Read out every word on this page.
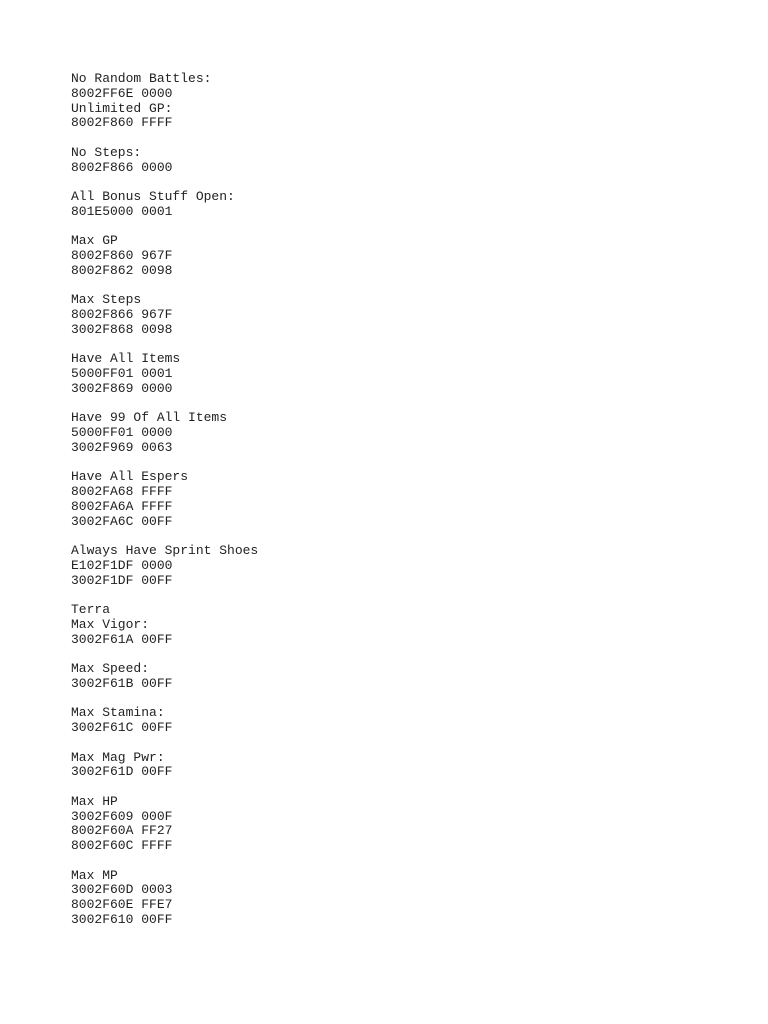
No Random Battles:
8002FF6E 0000
Unlimited GP:
8002F860 FFFF
No Steps:
8002F866 0000
All Bonus Stuff Open:
801E5000 0001
Max GP
8002F860 967F
8002F862 0098
Max Steps
8002F866 967F
3002F868 0098
Have All Items
5000FF01 0001
3002F869 0000
Have 99 Of All Items
5000FF01 0000
3002F969 0063
Have All Espers
8002FA68 FFFF
8002FA6A FFFF
3002FA6C 00FF
Always Have Sprint Shoes
E102F1DF 0000
3002F1DF 00FF
Terra
Max Vigor:
3002F61A 00FF
Max Speed:
3002F61B 00FF
Max Stamina:
3002F61C 00FF
Max Mag Pwr:
3002F61D 00FF
Max HP
3002F609 000F
8002F60A FF27
8002F60C FFFF
Max MP
3002F60D 0003
8002F60E FFE7
3002F610 00FF
